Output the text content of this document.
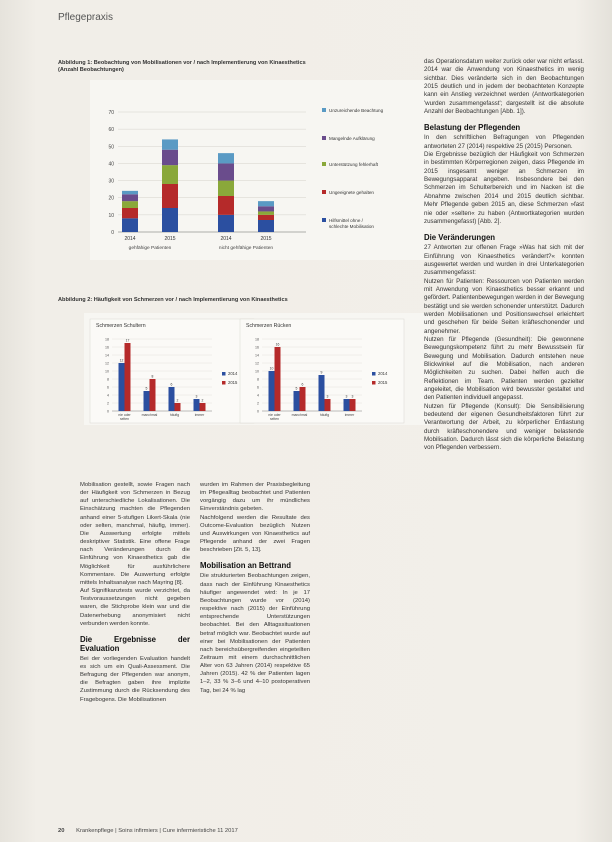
Pflegepraxis
Abbildung 1: Beobachtung von Mobilisationen vor / nach Implementierung von Kinaesthetics
(Anzahl Beobachtungen)
0
10
20
30
40
50
60
70
2014	2015	2014	2015
gehfähige Patienten	nicht gehfähige Patienten
Unzureichende Beachtung
Mangelnde Aufklärung
Unterstützung fehlerhaft
Ungeeignete gehalten
Hilfsmittel ohne / schlechte Mobilisation
Abbildung 2: Häufigkeit von Schmerzen vor / nach Implementierung von Kinaesthetics
Schmerzen Schultern
0
2
4
6
8
10
12
14
16
18
12
17
nie oder selten
5
8
manchmal
6
2
häufig
3
2
immer
2014
2015
Schmerzen Rücken
0
2
4
6
8
10
12
14
16
18
10
16
nie oder selten
5
6
manchmal
9
3
häufig
3 3
immer
2014
2015

Mobilisation gestellt, sowie Fragen nach der Häufigkeit von Schmerzen in Bezug auf unterschiedliche Lokalisationen. Die Einschätzung machten die Pflegenden anhand einer 5-stufigen Likert-Skala (nie oder selten, manchmal, häufig, immer). Die Auswertung erfolgte mittels deskriptiver Statistik. Eine offene Frage nach Veränderungen durch die Einführung von Kinaesthetics gab die Möglichkeit für ausführlichere Kommentare. Die Auswertung erfolgte mittels Inhaltsanalyse nach Mayring [8].

Auf Signifikanztests wurde verzichtet, da Testvoraussetzungen nicht gegeben waren, die Stichprobe klein war und die Datenerhebung anonymisiert nicht verbunden werden konnte.

Die Ergebnisse der Evaluation

Bei der vorliegenden Evaluation handelt es sich um ein Quali-Assessment. Die Befragung der Pflegenden war anonym, die Befragten gaben ihre implizite Zustimmung durch die Rücksendung des Fragebogens. Die Mobilisationen

wurden im Rahmen der Praxisbegleitung im Pflegealltag beobachtet und Patienten vorgängig dazu um ihr mündliches Einverständnis gebeten.

Nachfolgend werden die Resultate des Outcome-Evaluation bezüglich Nutzen und Auswirkungen von Kinaesthetics auf Pflegende anhand der zwei Fragen beschrieben [Zit. 5, 13].

Mobilisation an Bettrand

Die strukturierten Beobachtungen zeigen, dass nach der Einführung Kinaesthetics häufiger angewendet wird: In je 17 Beobachtungen wurde vor (2014) respektive nach (2015) der Einführung entsprechende Unterstützungen beobachtet. Bei den Alltagssituationen betraf möglich war. Beobachtet wurde auf einer bei Mobilisationen der Patienten nach bereichsübergreifenden eingeteilten Zeitraum mit einem durchschnittlichen Alter von 63 Jahren (2014) respektive 65 Jahren (2015). 42 % der Patienten lagen 1–2, 33 % 3–6 und 4–10 postoperativen Tag, bei 24 % lag

das Operationsdatum weiter zurück oder war nicht erfasst. 2014 war die Anwendung von Kinaesthetics im wenig sichtbar. Dies veränderte sich in den Beobachtungen 2015 deutlich und in jedem der beobachteten Konzepte kann ein Anstieg verzeichnet werden (Antwortkategorien 'wurden zusammengefasst'; dargestellt ist die absolute Anzahl der Beobachtungen [Abb. 1]).

Belastung der Pflegenden

In den schriftlichen Befragungen von Pflegenden antworteten 27 (2014) respektive 25 (2015) Personen.

Die Ergebnisse bezüglich der Häufigkeit von Schmerzen in bestimmten Körperregionen zeigen, dass Pflegende im 2015 insgesamt weniger an Schmerzen im Bewegungsapparat angeben. Insbesondere bei den Schmerzen im Schulterbereich und im Nacken ist die Abnahme zwischen 2014 und 2015 deutlich sichtbar. Mehr Pflegende geben 2015 an, diese Schmerzen »fast nie oder »selten« zu haben (Antwortkategorien wurden zusammengefasst) [Abb. 2].

Die Veränderungen

27 Antworten zur offenen Frage »Was hat sich mit der Einführung von Kinaesthetics verändert?« konnten ausgewertet werden und wurden in drei Unterkategorien zusammengefasst:

Nutzen für Patienten: Ressourcen von Patienten werden mit Anwendung von Kinaesthetics besser erkannt und gefördert. Patientenbewegungen werden in der Bewegung bestätigt und sie werden schonender unterstützt. Dadurch werden Mobilisationen und Positionswechsel erleichtert und geschehen für beide Seiten kräfteschonender und angenehmer.

Nutzen für Pflegende (Gesundheit): Die gewonnene Bewegungskompetenz führt zu mehr Bewusstsein für Bewegung und Mobilisation. Dadurch entstehen neue Blickwinkel auf die Mobilisation, nach anderen Möglichkeiten zu suchen. Dabei helfen auch die Reflektionen im Team. Patienten werden gezielter angeleitet, die Mobilisation wird bewusster gestaltet und den Patienten individuell angepasst.

Nutzen für Pflegende (Konsult): Die Sensibilisierung bedeutend der eigenen Gesundheitsfaktoren führt zur Verantwortung der Arbeit, zu körperlicher Entlastung durch kräfteschonendere und weniger belastende Mobilisation. Dadurch lässt sich die körperliche Belastung von Pflegenden verbessern.

20 Krankenpflege | Soins infirmiers | Cure infermieristiche 11 2017
